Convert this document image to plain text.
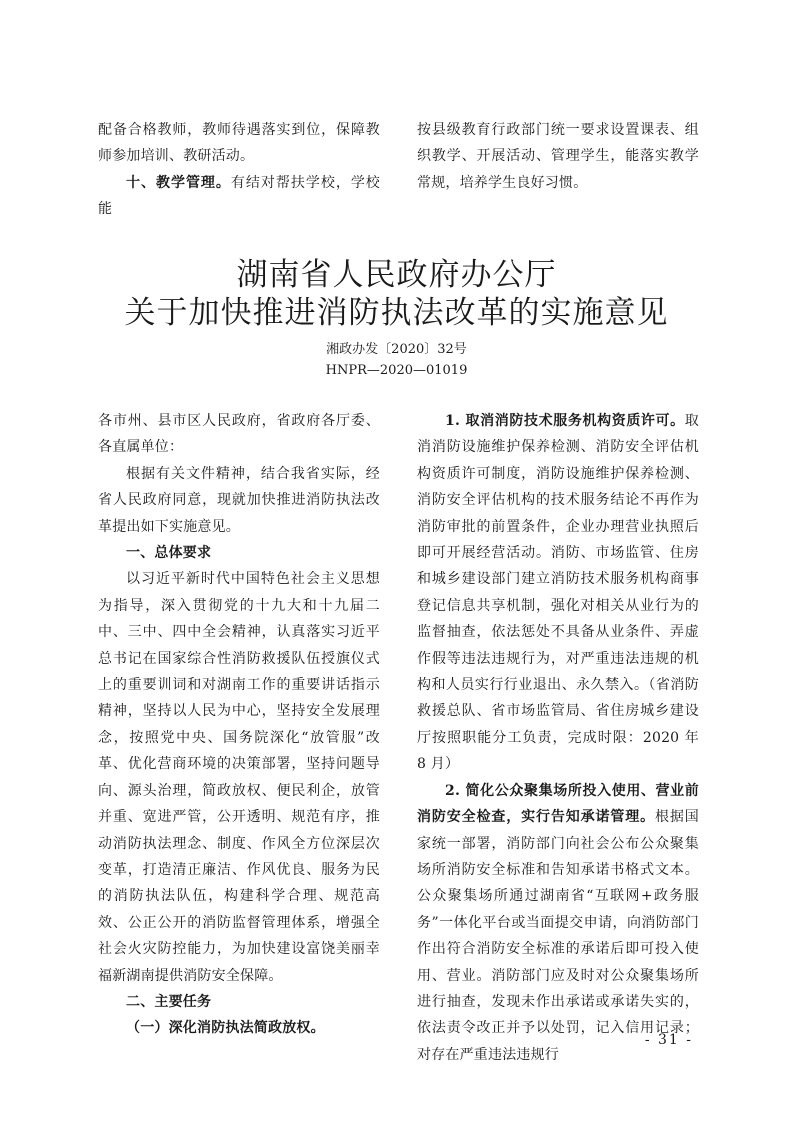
配备合格教师，教师待遇落实到位，保障教师参加培训、教研活动。

十、教学管理。有结对帮扶学校，学校能

按县级教育行政部门统一要求设置课表、组织教学、开展活动、管理学生，能落实教学常规，培养学生良好习惯。

湖南省人民政府办公厅
关于加快推进消防执法改革的实施意见
湘政办发〔2020〕32号
HNPR—2020—01019

各市州、县市区人民政府，省政府各厅委、各直属单位：

根据有关文件精神，结合我省实际，经省人民政府同意，现就加快推进消防执法改革提出如下实施意见。

一、总体要求

以习近平新时代中国特色社会主义思想为指导，深入贯彻党的十九大和十九届二中、三中、四中全会精神，认真落实习近平总书记在国家综合性消防救援队伍授旗仪式上的重要训词和对湖南工作的重要讲话指示精神，坚持以人民为中心，坚持安全发展理念，按照党中央、国务院深化“放管服”改革、优化营商环境的决策部署，坚持问题导向、源头治理，简政放权、便民利企，放管并重、宽进严管，公开透明、规范有序，推动消防执法理念、制度、作风全方位深层次变革，打造清正廉洁、作风优良、服务为民的消防执法队伍，构建科学合理、规范高效、公正公开的消防监督管理体系，增强全社会火灾防控能力，为加快建设富饶美丽幸福新湖南提供消防安全保障。

二、主要任务

（一）深化消防执法简政放权。

1. 取消消防技术服务机构资质许可。取消消防设施维护保养检测、消防安全评估机构资质许可制度，消防设施维护保养检测、消防安全评估机构的技术服务结论不再作为消防审批的前置条件，企业办理营业执照后即可开展经营活动。消防、市场监管、住房和城乡建设部门建立消防技术服务机构商事登记信息共享机制，强化对相关从业行为的监督抽查，依法惩处不具备从业条件、弄虚作假等违法违规行为，对严重违法违规的机构和人员实行行业退出、永久禁入。（省消防救援总队、省市场监管局、省住房城乡建设厅按照职能分工负责，完成时限：2020 年 8 月）

2. 简化公众聚集场所投入使用、营业前消防安全检查，实行告知承诺管理。根据国家统一部署，消防部门向社会公布公众聚集场所消防安全标准和告知承诺书格式文本。公众聚集场所通过湖南省“互联网+政务服务”一体化平台或当面提交申请，向消防部门作出符合消防安全标准的承诺后即可投入使用、营业。消防部门应及时对公众聚集场所进行抽查，发现未作出承诺或承诺失实的，依法责令改正并予以处罚，记入信用记录；对存在严重违法违规行

- 31 -
